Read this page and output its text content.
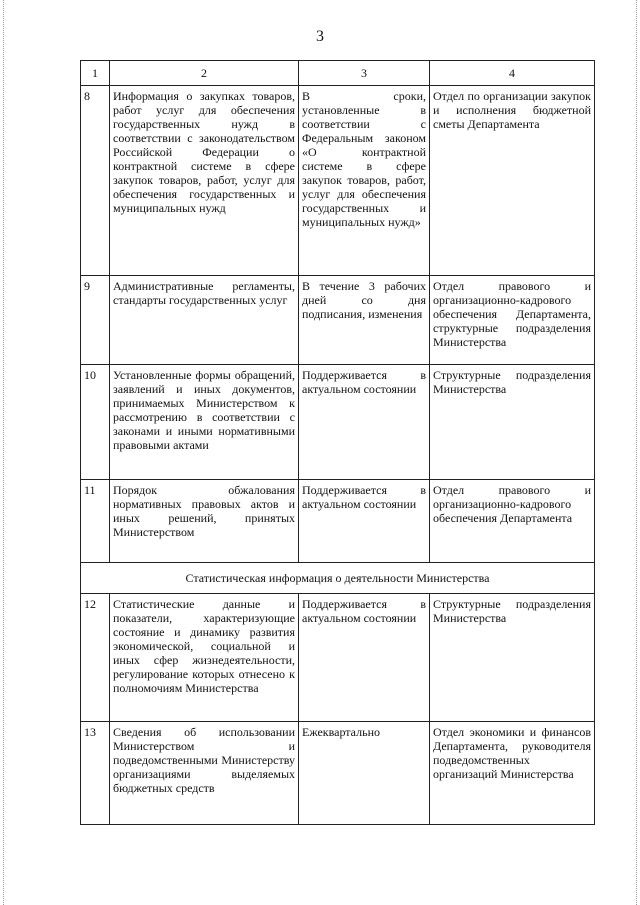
3
1	2	3	4
8	Информация о закупках товаров, работ услуг для обеспечения государственных нужд в соответствии с законодательством Российской Федерации о контрактной системе в сфере закупок товаров, работ, услуг для обеспечения государственных и муниципальных нужд	В сроки, установленные в соответствии с Федеральным законом «О контрактной системе в сфере закупок товаров, работ, услуг для обеспечения государственных и муниципальных нужд»	Отдел по организации закупок и исполнения бюджетной сметы Департамента
9	Административные регламенты, стандарты государственных услуг	В течение 3 рабочих дней со дня подписания, изменения	Отдел правового и организационно-кадрового обеспечения Департамента, структурные подразделения Министерства
10	Установленные формы обращений, заявлений и иных документов, принимаемых Министерством к рассмотрению в соответствии с законами и иными нормативными правовыми актами	Поддерживается в актуальном состоянии	Структурные подразделения Министерства
11	Порядок обжалования нормативных правовых актов и иных решений, принятых Министерством	Поддерживается в актуальном состоянии	Отдел правового и организационно-кадрового обеспечения Департамента
Статистическая информация о деятельности Министерства			
12	Статистические данные и показатели, характеризующие состояние и динамику развития экономической, социальной и иных сфер жизнедеятельности, регулирование которых отнесено к полномочиям Министерства	Поддерживается в актуальном состоянии	Структурные подразделения Министерства
13	Сведения об использовании Министерством и подведомственными Министерству организациями выделяемых бюджетных средств	Ежеквартально	Отдел экономики и финансов Департамента, руководителя подведомственных организаций Министерства
